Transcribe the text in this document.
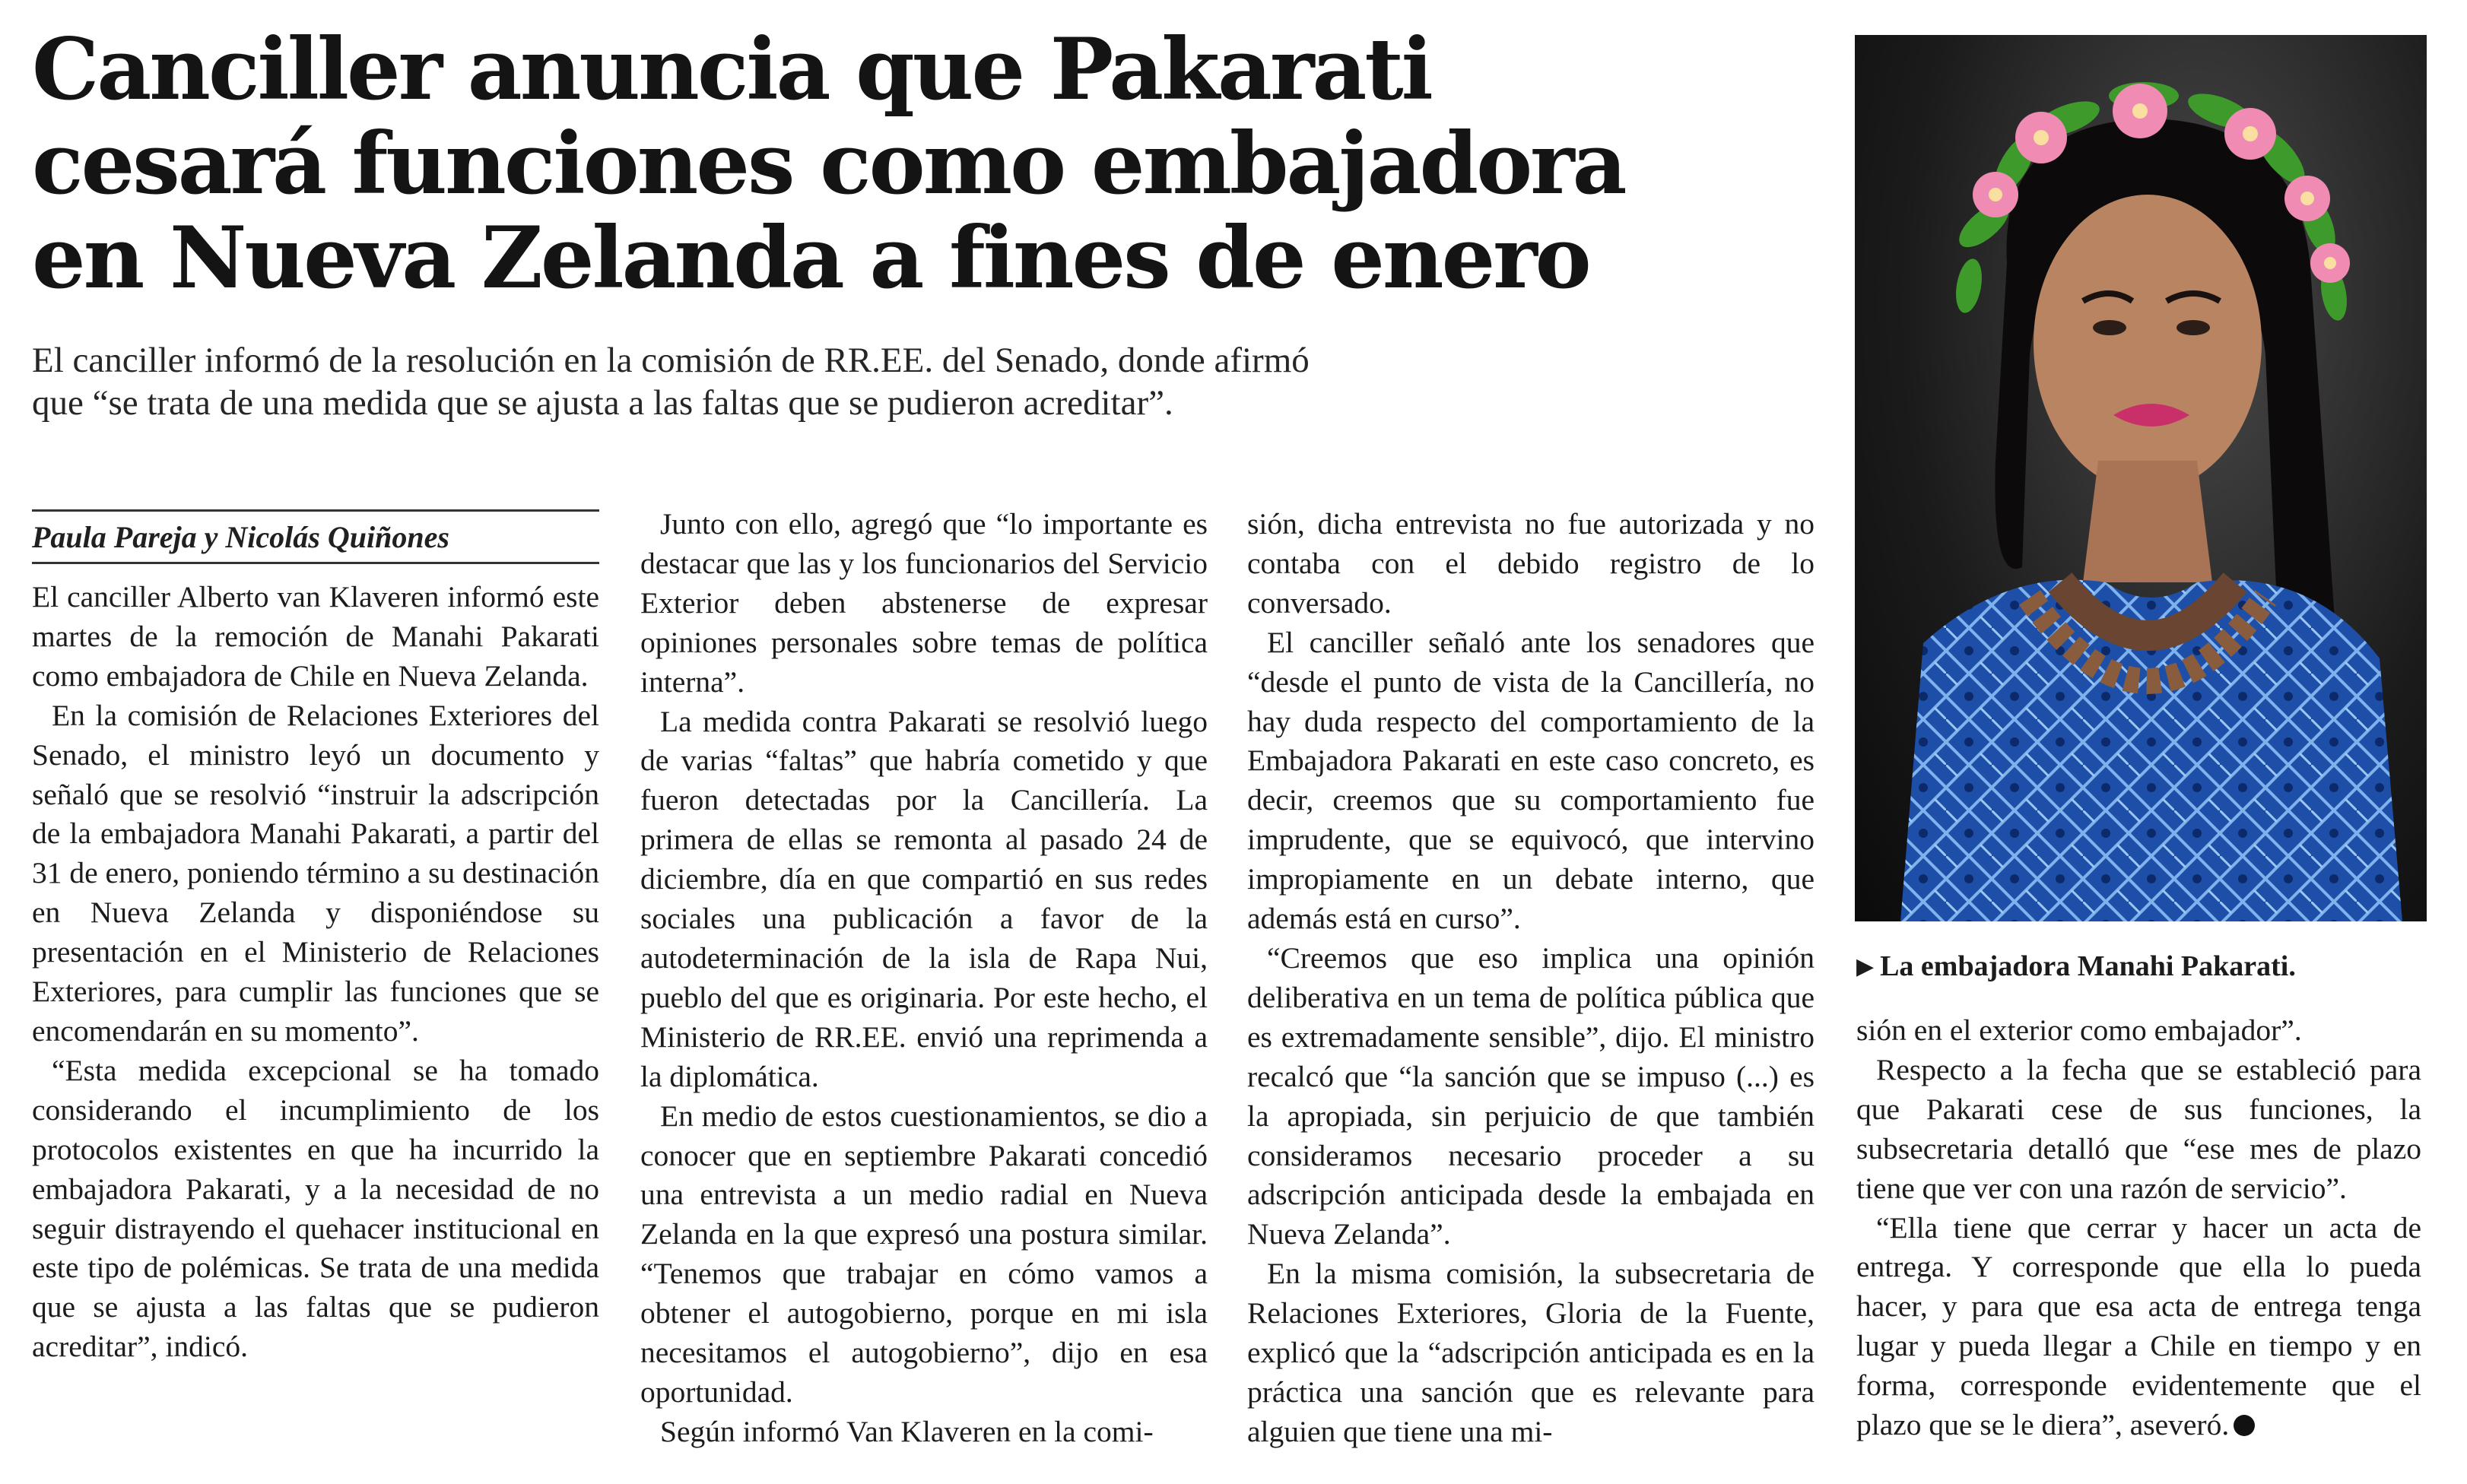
Canciller anuncia que Pakarati
cesará funciones como embajadora
en Nueva Zelanda a fines de enero
El canciller informó de la resolución en la comisión de RR.EE. del Senado, donde afirmó
que “se trata de una medida que se ajusta a las faltas que se pudieron acreditar”.
Paula Pareja y Nicolás Quiñones

El canciller Alberto van Klaveren informó este martes de la remoción de Manahi Pakarati como embajadora de Chile en Nueva Zelanda.

En la comisión de Relaciones Exteriores del Senado, el ministro leyó un documento y señaló que se resolvió “instruir la adscripción de la embajadora Manahi Pakarati, a partir del 31 de enero, poniendo término a su destinación en Nueva Zelanda y disponiéndose su presentación en el Ministerio de Relaciones Exteriores, para cumplir las funciones que se encomendarán en su momento”.

“Esta medida excepcional se ha tomado considerando el incumplimiento de los protocolos existentes en que ha incurrido la embajadora Pakarati, y a la necesidad de no seguir distrayendo el quehacer institucional en este tipo de polémicas. Se trata de una medida que se ajusta a las faltas que se pudieron acreditar”, indicó.

Junto con ello, agregó que “lo importante es destacar que las y los funcionarios del Servicio Exterior deben abstenerse de expresar opiniones personales sobre temas de política interna”.

La medida contra Pakarati se resolvió luego de varias “faltas” que habría cometido y que fueron detectadas por la Cancillería. La primera de ellas se remonta al pasado 24 de diciembre, día en que compartió en sus redes sociales una publicación a favor de la autodeterminación de la isla de Rapa Nui, pueblo del que es originaria. Por este hecho, el Ministerio de RR.EE. envió una reprimenda a la diplomática.

En medio de estos cuestionamientos, se dio a conocer que en septiembre Pakarati concedió una entrevista a un medio radial en Nueva Zelanda en la que expresó una postura similar. “Tenemos que trabajar en cómo vamos a obtener el autogobierno, porque en mi isla necesitamos el autogobierno”, dijo en esa oportunidad.

Según informó Van Klaveren en la comi-

sión, dicha entrevista no fue autorizada y no contaba con el debido registro de lo conversado.

El canciller señaló ante los senadores que “desde el punto de vista de la Cancillería, no hay duda respecto del comportamiento de la Embajadora Pakarati en este caso concreto, es decir, creemos que su comportamiento fue imprudente, que se equivocó, que intervino impropiamente en un debate interno, que además está en curso”.

“Creemos que eso implica una opinión deliberativa en un tema de política pública que es extremadamente sensible”, dijo. El ministro recalcó que “la sanción que se impuso (...) es la apropiada, sin perjuicio de que también consideramos necesario proceder a su adscripción anticipada desde la embajada en Nueva Zelanda”.

En la misma comisión, la subsecretaria de Relaciones Exteriores, Gloria de la Fuente, explicó que la “adscripción anticipada es en la práctica una sanción que es relevante para alguien que tiene una mi-

▶ La embajadora Manahi Pakarati.

sión en el exterior como embajador”.

Respecto a la fecha que se estableció para que Pakarati cese de sus funciones, la subsecretaria detalló que “ese mes de plazo tiene que ver con una razón de servicio”.

“Ella tiene que cerrar y hacer un acta de entrega. Y corresponde que ella lo pueda hacer, y para que esa acta de entrega tenga lugar y pueda llegar a Chile en tiempo y en forma, corresponde evidentemente que el plazo que se le diera”, aseveró.
